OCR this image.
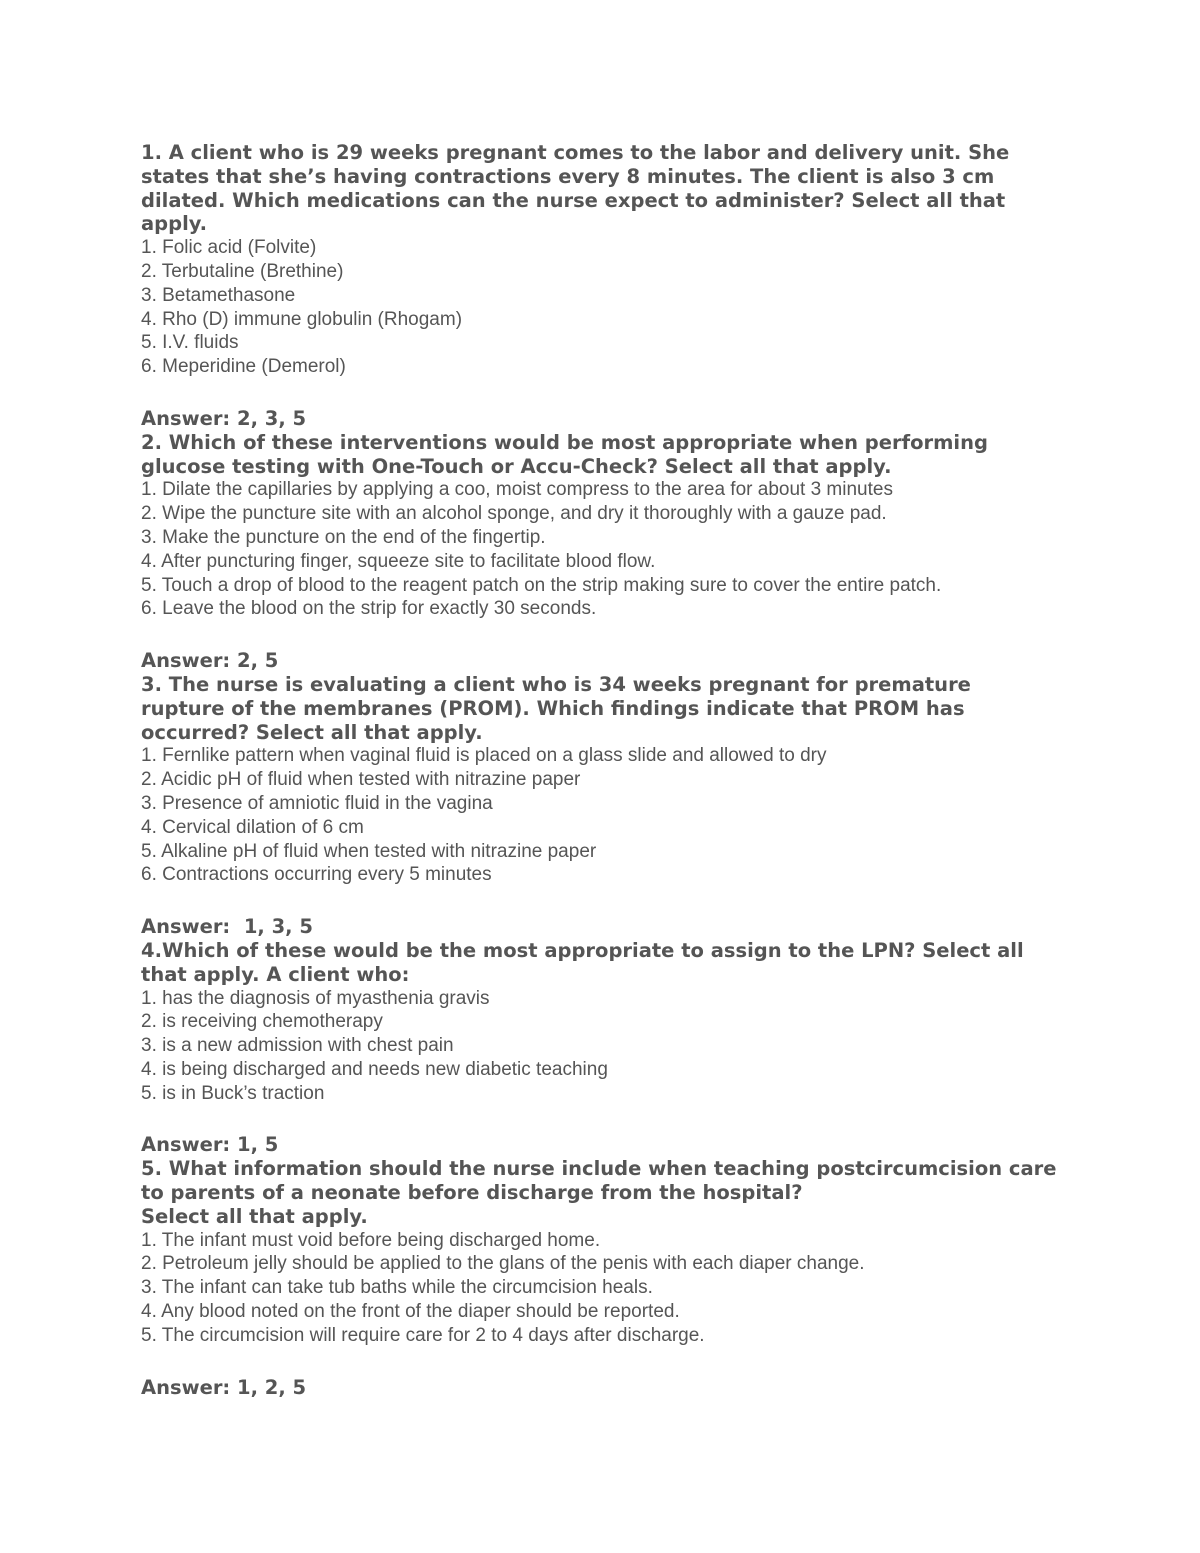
1. A client who is 29 weeks pregnant comes to the labor and delivery unit. She states that she’s having contractions every 8 minutes. The client is also 3 cm dilated. Which medications can the nurse expect to administer? Select all that apply.

1. Folic acid (Folvite)

2. Terbutaline (Brethine)

3. Betamethasone

4. Rho (D) immune globulin (Rhogam)

5. I.V. fluids

6. Meperidine (Demerol)

Answer: 2, 3, 5

2. Which of these interventions would be most appropriate when performing glucose testing with One-Touch or Accu-Check? Select all that apply.

1. Dilate the capillaries by applying a coo, moist compress to the area for about 3 minutes

2. Wipe the puncture site with an alcohol sponge, and dry it thoroughly with a gauze pad.

3. Make the puncture on the end of the fingertip.

4. After puncturing finger, squeeze site to facilitate blood flow.

5. Touch a drop of blood to the reagent patch on the strip making sure to cover the entire patch.

6. Leave the blood on the strip for exactly 30 seconds.

Answer: 2, 5

3. The nurse is evaluating a client who is 34 weeks pregnant for premature rupture of the membranes (PROM). Which findings indicate that PROM has occurred? Select all that apply.

1. Fernlike pattern when vaginal fluid is placed on a glass slide and allowed to dry

2. Acidic pH of fluid when tested with nitrazine paper

3. Presence of amniotic fluid in the vagina

4. Cervical dilation of 6 cm

5. Alkaline pH of fluid when tested with nitrazine paper

6. Contractions occurring every 5 minutes

Answer:  1, 3, 5

4.Which of these would be the most appropriate to assign to the LPN? Select all that apply. A client who:

1. has the diagnosis of myasthenia gravis

2. is receiving chemotherapy

3. is a new admission with chest pain

4. is being discharged and needs new diabetic teaching

5. is in Buck’s traction

Answer: 1, 5

5. What information should the nurse include when teaching postcircumcision care to parents of a neonate before discharge from the hospital?

Select all that apply.

1. The infant must void before being discharged home.

2. Petroleum jelly should be applied to the glans of the penis with each diaper change.

3. The infant can take tub baths while the circumcision heals.

4. Any blood noted on the front of the diaper should be reported.

5. The circumcision will require care for 2 to 4 days after discharge.

Answer: 1, 2, 5
